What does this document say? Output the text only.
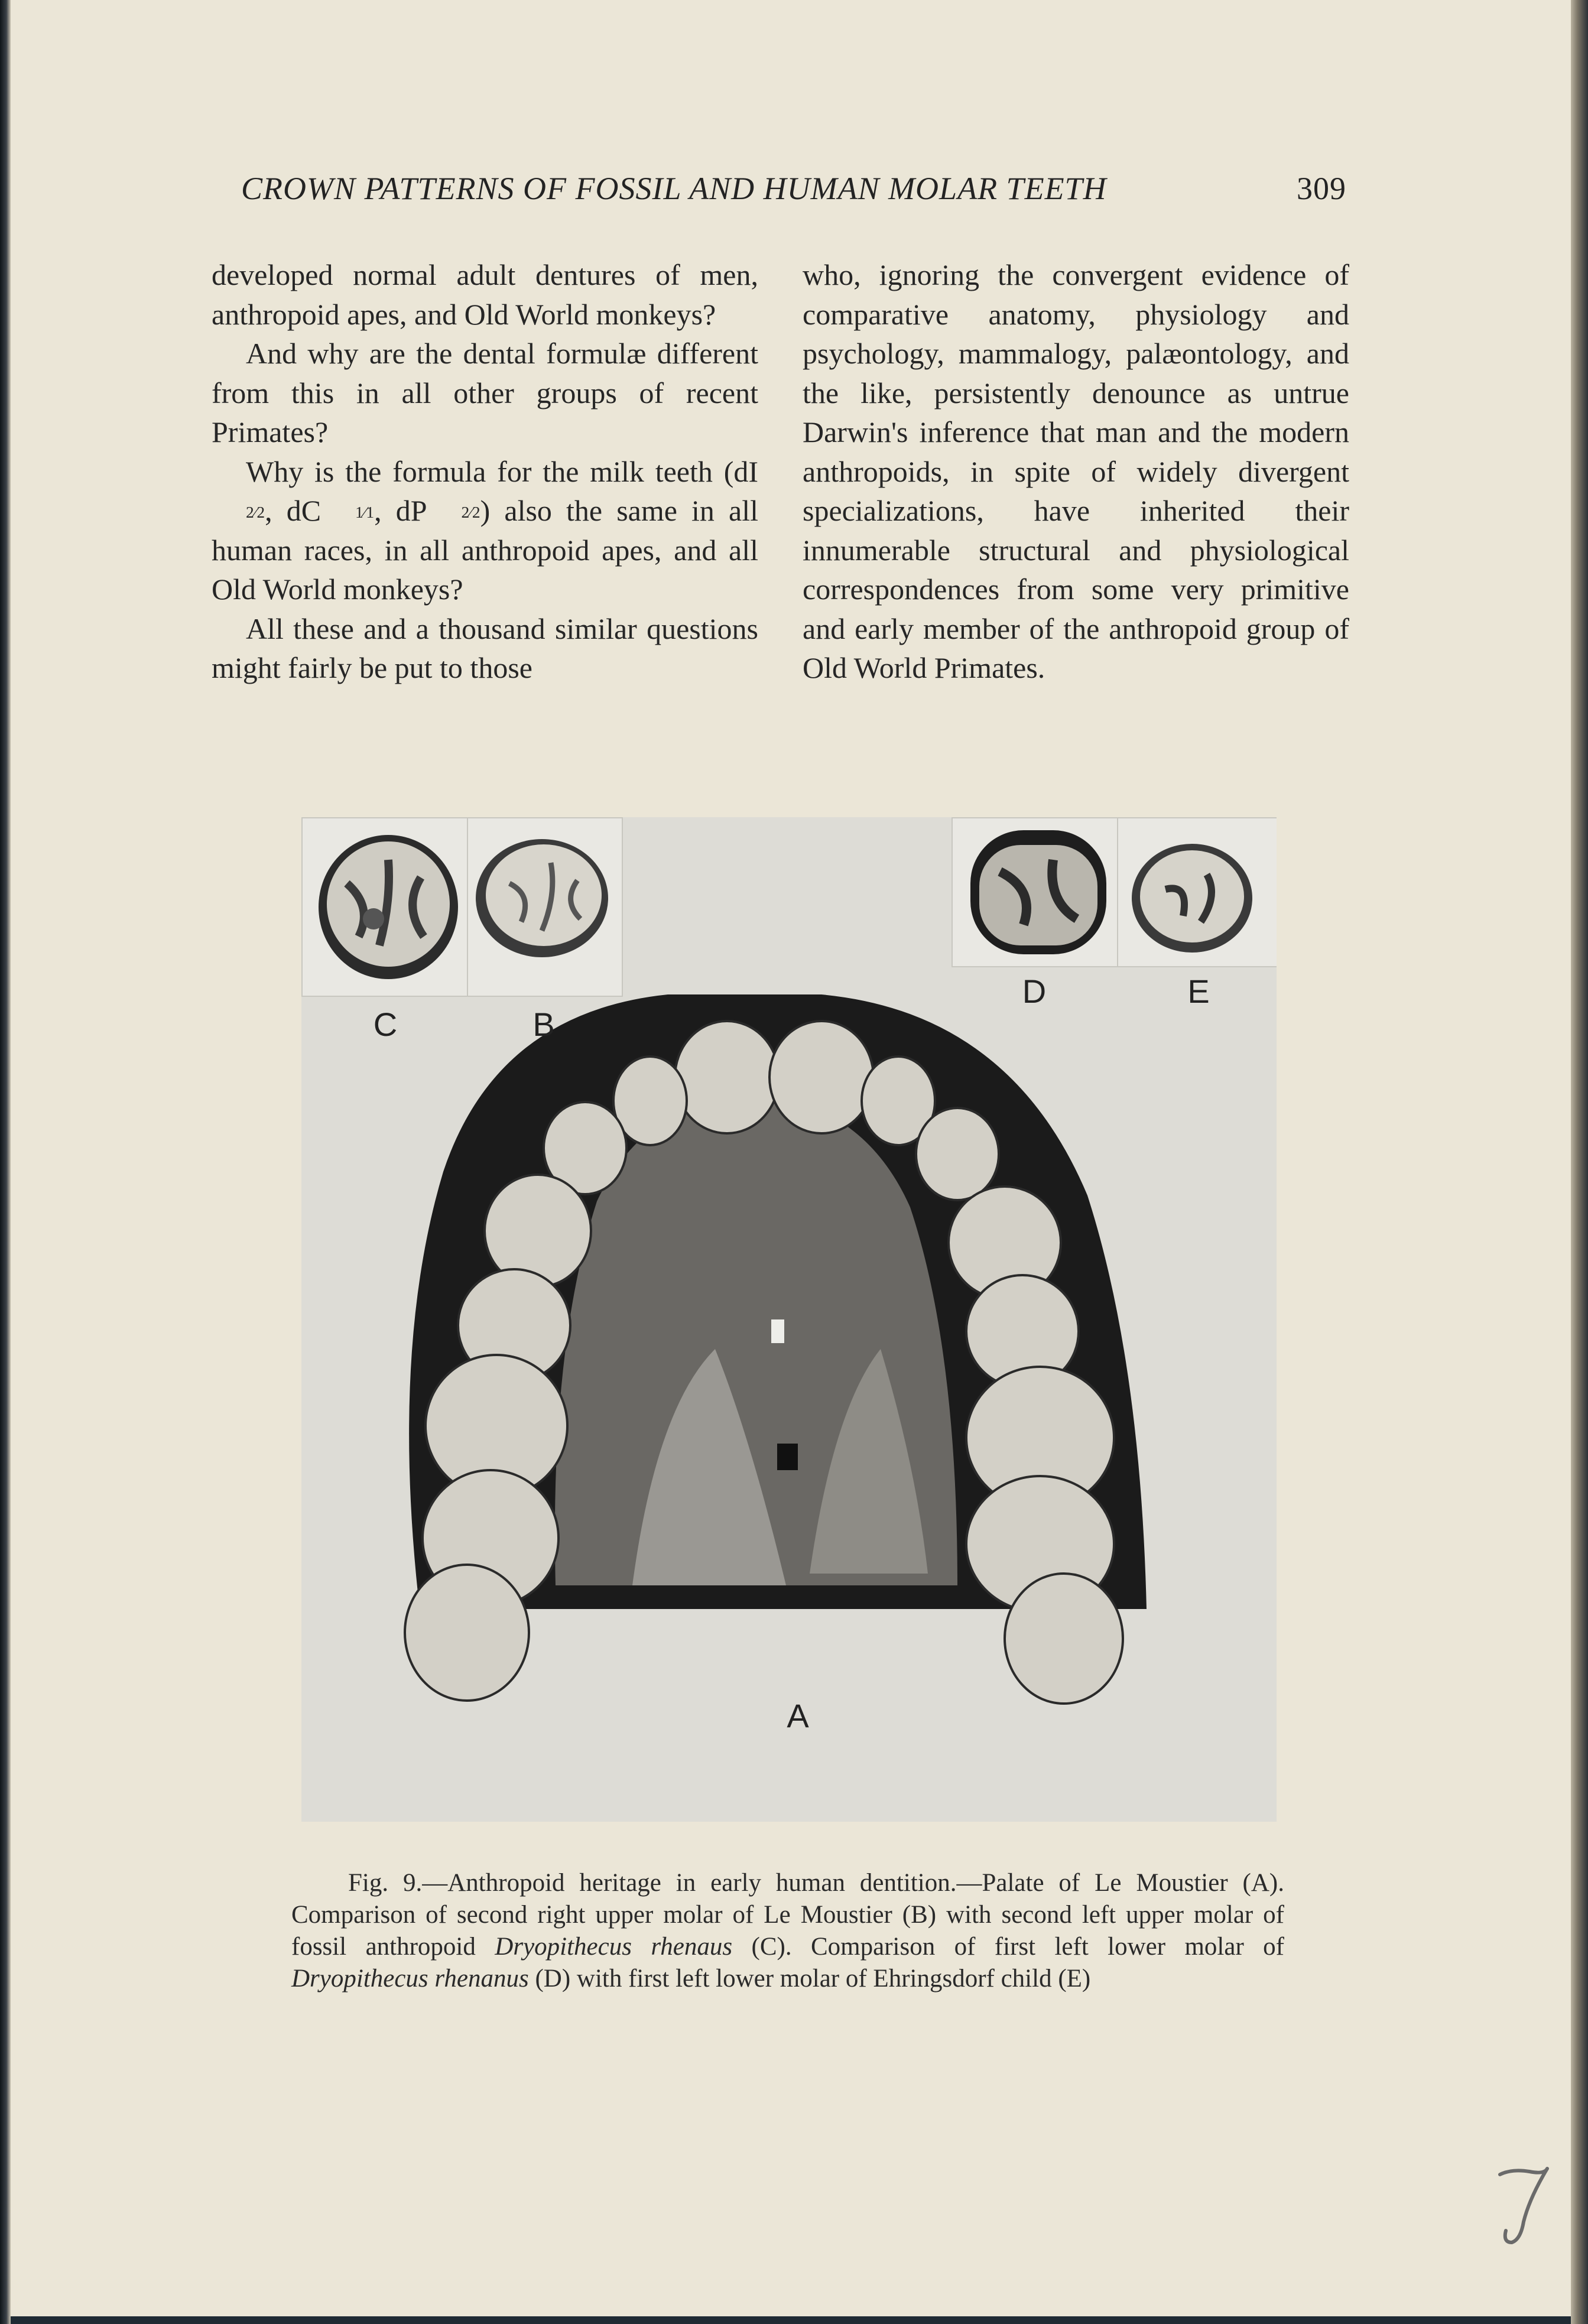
CROWN PATTERNS OF FOSSIL AND HUMAN MOLAR TEETH	309

developed normal adult dentures of men, anthropoid apes, and Old World monkeys?

And why are the dental formulæ different from this in all other groups of recent Primates?

Why is the formula for the milk teeth (dI2⁄2, dC 1⁄1, dP 2⁄2) also the same in all human races, in all anthropoid apes, and all Old World monkeys?

All these and a thousand similar questions might fairly be put to those

who, ignoring the convergent evidence of comparative anatomy, physiology and psychology, mammalogy, palæontology, and the like, persistently denounce as untrue Darwin's inference that man and the modern anthropoids, in spite of widely divergent specializations, have inherited their innumerable structural and physiological correspondences from some very primitive and early member of the anthropoid group of Old World Primates.

C	B
D	E
A

Fig. 9.—Anthropoid heritage in early human dentition.—Palate of Le Moustier (A). Comparison of second right upper molar of Le Moustier (B) with second left upper molar of fossil anthropoid Dryopithecus rhenaus (C). Comparison of first left lower molar of Dryopithecus rhenanus (D) with first left lower molar of Ehringsdorf child (E)
